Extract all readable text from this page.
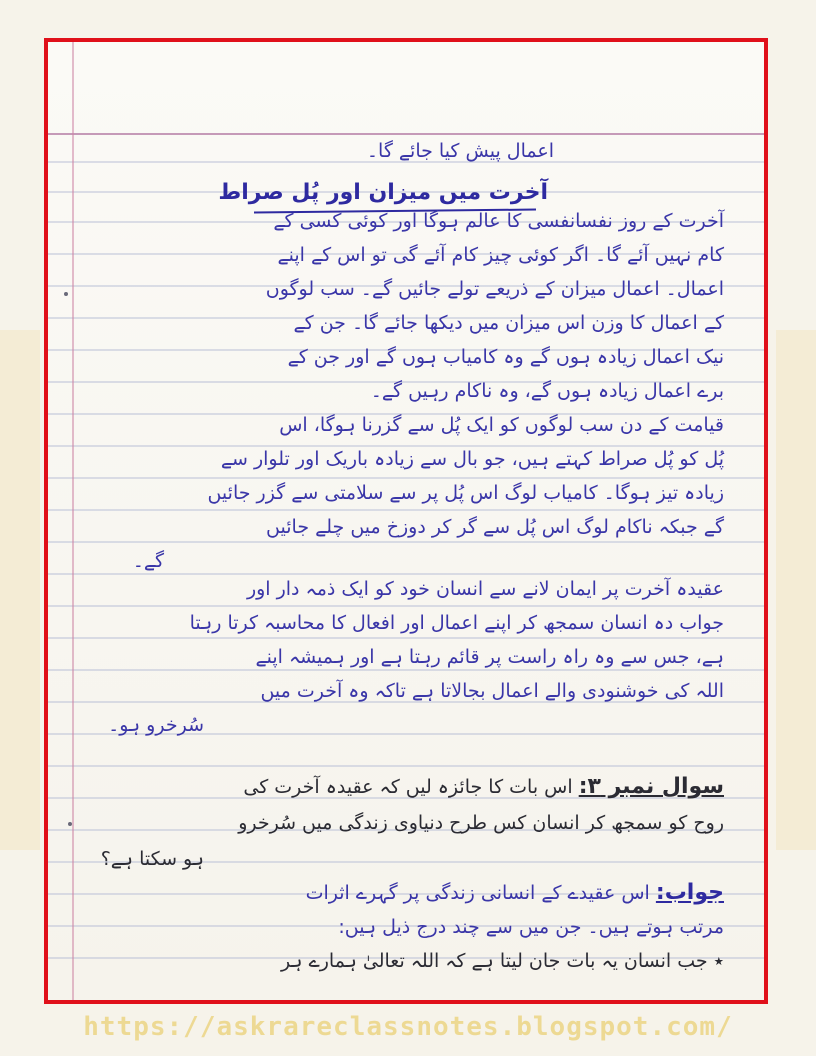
اعمال پیش کیا جائے گا۔
آخرت میں میزان اور پُل صراط
آخرت کے روز نفسانفسی کا عالم ہوگا اور کوئی کسی کے
کام نہیں آئے گا۔ اگر کوئی چیز کام آئے گی تو اس کے اپنے
اعمال۔ اعمال میزان کے ذریعے تولے جائیں گے۔ سب لوگوں
کے اعمال کا وزن اس میزان میں دیکھا جائے گا۔ جن کے
نیک اعمال زیادہ ہوں گے وہ کامیاب ہوں گے اور جن کے
برے اعمال زیادہ ہوں گے، وہ ناکام رہیں گے۔
قیامت کے دن سب لوگوں کو ایک پُل سے گزرنا ہوگا، اس
پُل کو پُل صراط کہتے ہیں، جو بال سے زیادہ باریک اور تلوار سے
زیادہ تیز ہوگا۔ کامیاب لوگ اس پُل پر سے سلامتی سے گزر جائیں
گے جبکہ ناکام لوگ اس پُل سے گر کر دوزخ میں چلے جائیں
گے۔
عقیدہ آخرت پر ایمان لانے سے انسان خود کو ایک ذمہ دار اور
جواب دہ انسان سمجھ کر اپنے اعمال اور افعال کا محاسبہ کرتا رہتا
ہے، جس سے وہ راہ راست پر قائم رہتا ہے اور ہمیشہ اپنے
اللہ کی خوشنودی والے اعمال بجالاتا ہے تاکہ وہ آخرت میں
سُرخرو ہو۔
سوال نمبر ۳: اس بات کا جائزہ لیں کہ عقیدہ آخرت کی
روح کو سمجھ کر انسان کس طرح دنیاوی زندگی میں سُرخرو
ہو سکتا ہے؟
جواب: اس عقیدے کے انسانی زندگی پر گہرے اثرات
مرتب ہوتے ہیں۔ جن میں سے چند درج ذیل ہیں:
٭ جب انسان یہ بات جان لیتا ہے کہ اللہ تعالیٰ ہمارے ہر
https://askrareclassnotes.blogspot.com/
